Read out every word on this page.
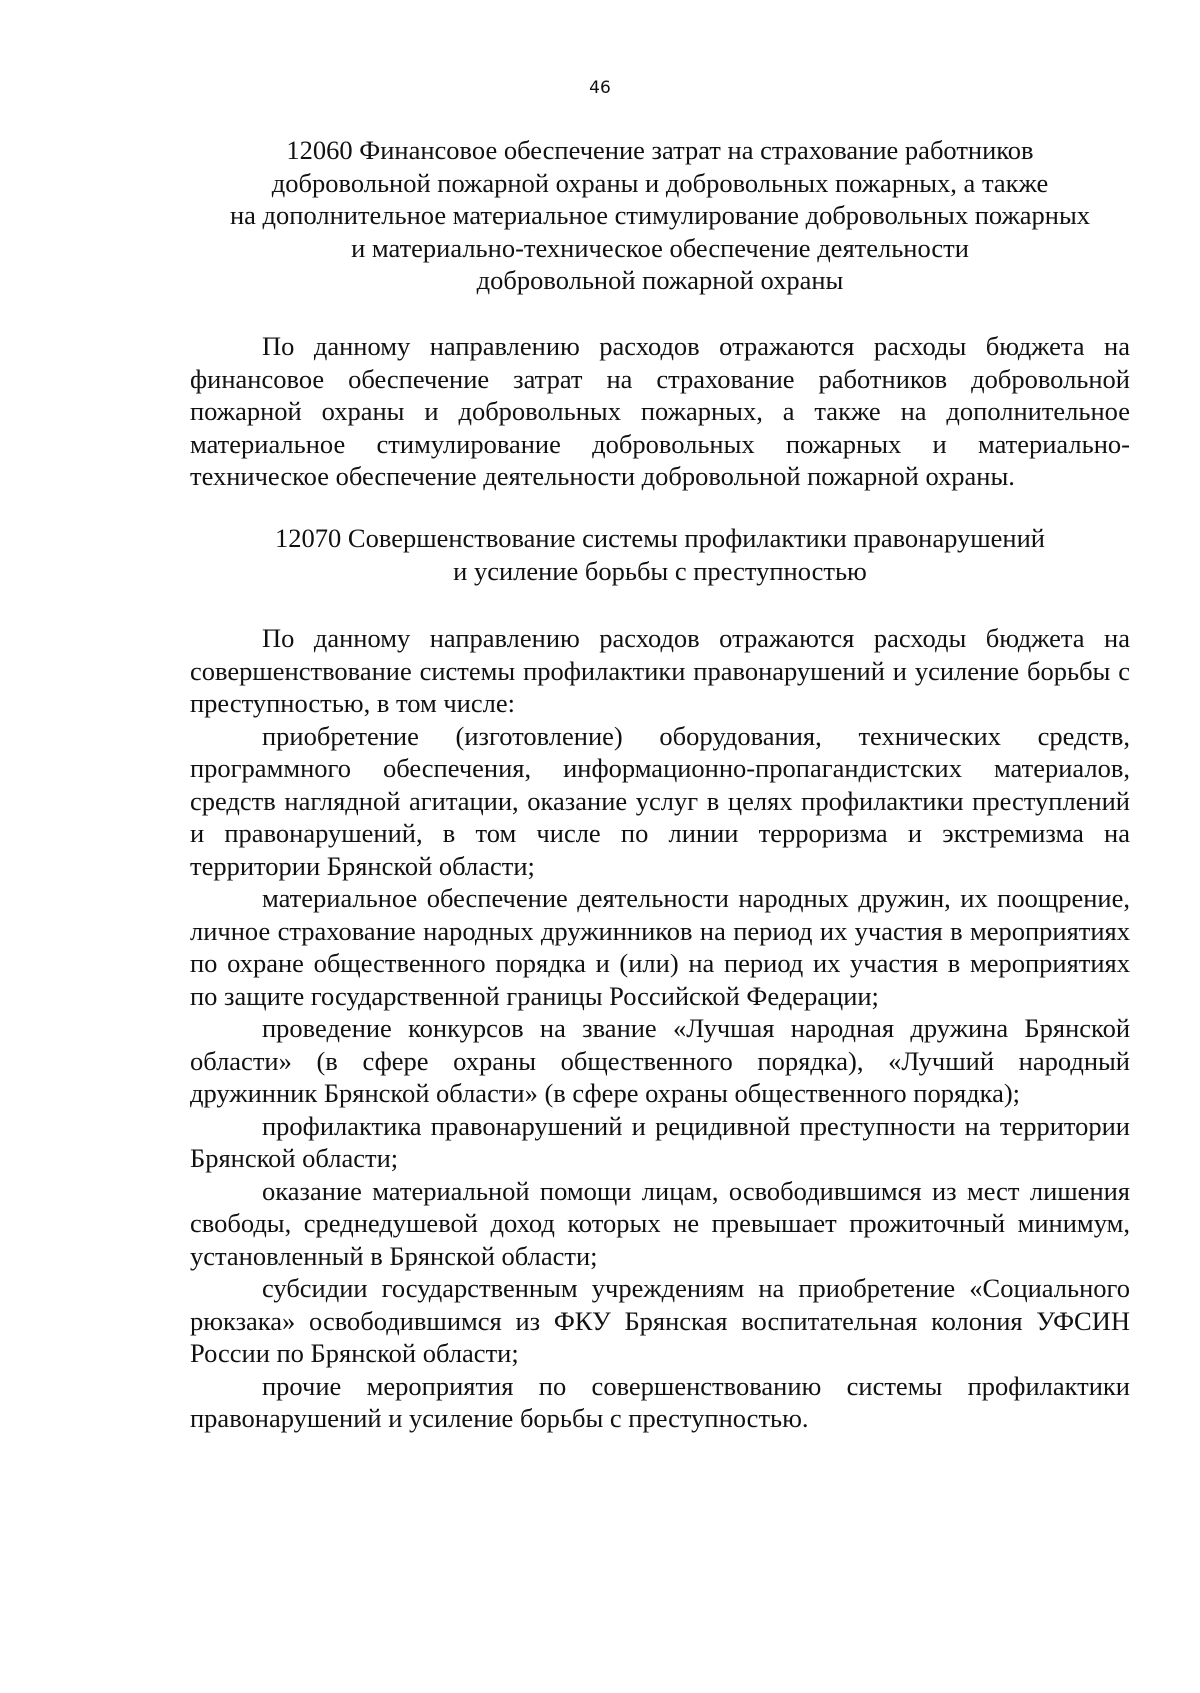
46
12060 Финансовое обеспечение затрат на страхование работников
добровольной пожарной охраны и добровольных пожарных, а также
на дополнительное материальное стимулирование добровольных пожарных
и материально-техническое обеспечение деятельности
добровольной пожарной охраны

По данному направлению расходов отражаются расходы бюджета на финансовое обеспечение затрат на страхование работников добровольной пожарной охраны и добровольных пожарных, а также на дополнительное материальное стимулирование добровольных пожарных и материально-техническое обеспечение деятельности добровольной пожарной охраны.

12070 Совершенствование системы профилактики правонарушений
и усиление борьбы с преступностью

По данному направлению расходов отражаются расходы бюджета на совершенствование системы профилактики правонарушений и усиление борьбы с преступностью, в том числе:

приобретение (изготовление) оборудования, технических средств, программного обеспечения, информационно-пропагандистских материалов, средств наглядной агитации, оказание услуг в целях профилактики преступлений и правонарушений, в том числе по линии терроризма и экстремизма на территории Брянской области;

материальное обеспечение деятельности народных дружин, их поощрение, личное страхование народных дружинников на период их участия в мероприятиях по охране общественного порядка и (или) на период их участия в мероприятиях по защите государственной границы Российской Федерации;

проведение конкурсов на звание «Лучшая народная дружина Брянской области» (в сфере охраны общественного порядка), «Лучший народный дружинник Брянской области» (в сфере охраны общественного порядка);

профилактика правонарушений и рецидивной преступности на территории Брянской области;

оказание материальной помощи лицам, освободившимся из мест лишения свободы, среднедушевой доход которых не превышает прожиточный минимум, установленный в Брянской области;

субсидии государственным учреждениям на приобретение «Социального рюкзака» освободившимся из ФКУ Брянская воспитательная колония УФСИН России по Брянской области;

прочие мероприятия по совершенствованию системы профилактики правонарушений и усиление борьбы с преступностью.
